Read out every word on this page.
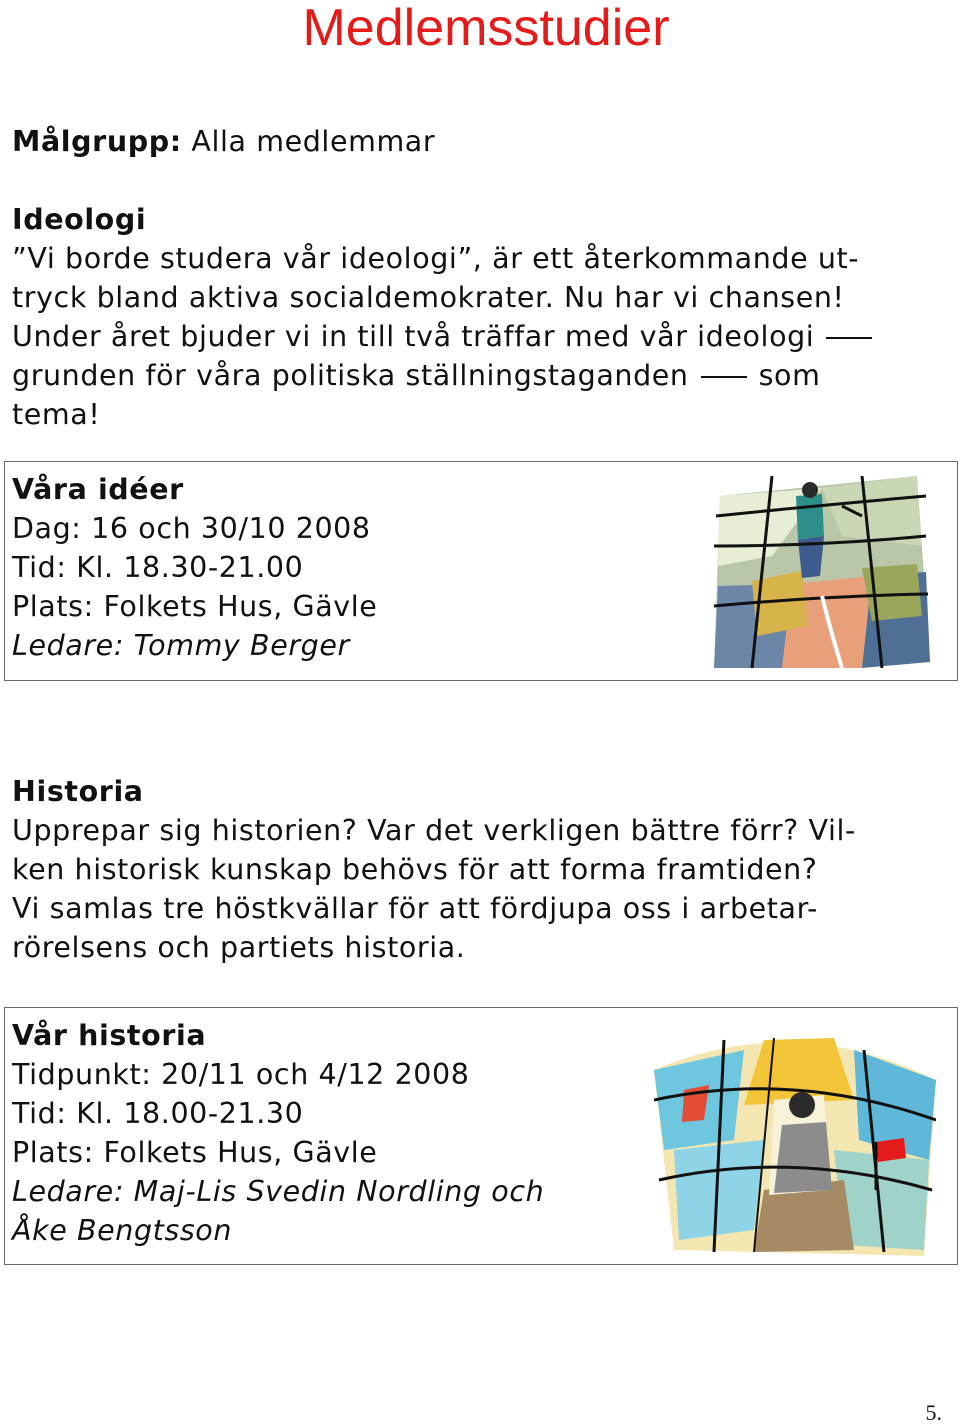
Medlemsstudier
Målgrupp: Alla medlemmar
Ideologi
”Vi borde studera vår ideologi”, är ett återkommande ut-
tryck bland aktiva socialdemokrater. Nu har vi chansen!
Under året bjuder vi in till två träffar med vår ideologi
grunden för våra politiska ställningstaganden som
tema!
Våra idéer
Dag: 16 och 30/10 2008
Tid: Kl. 18.30-21.00
Plats: Folkets Hus, Gävle
Ledare: Tommy Berger
Historia
Upprepar sig historien? Var det verkligen bättre förr? Vil-
ken historisk kunskap behövs för att forma framtiden?
Vi samlas tre höstkvällar för att fördjupa oss i arbetar-
rörelsens och partiets historia.
Vår historia
Tidpunkt: 20/11 och 4/12 2008
Tid: Kl. 18.00-21.30
Plats: Folkets Hus, Gävle
Ledare: Maj-Lis Svedin Nordling och
Åke Bengtsson
5.
